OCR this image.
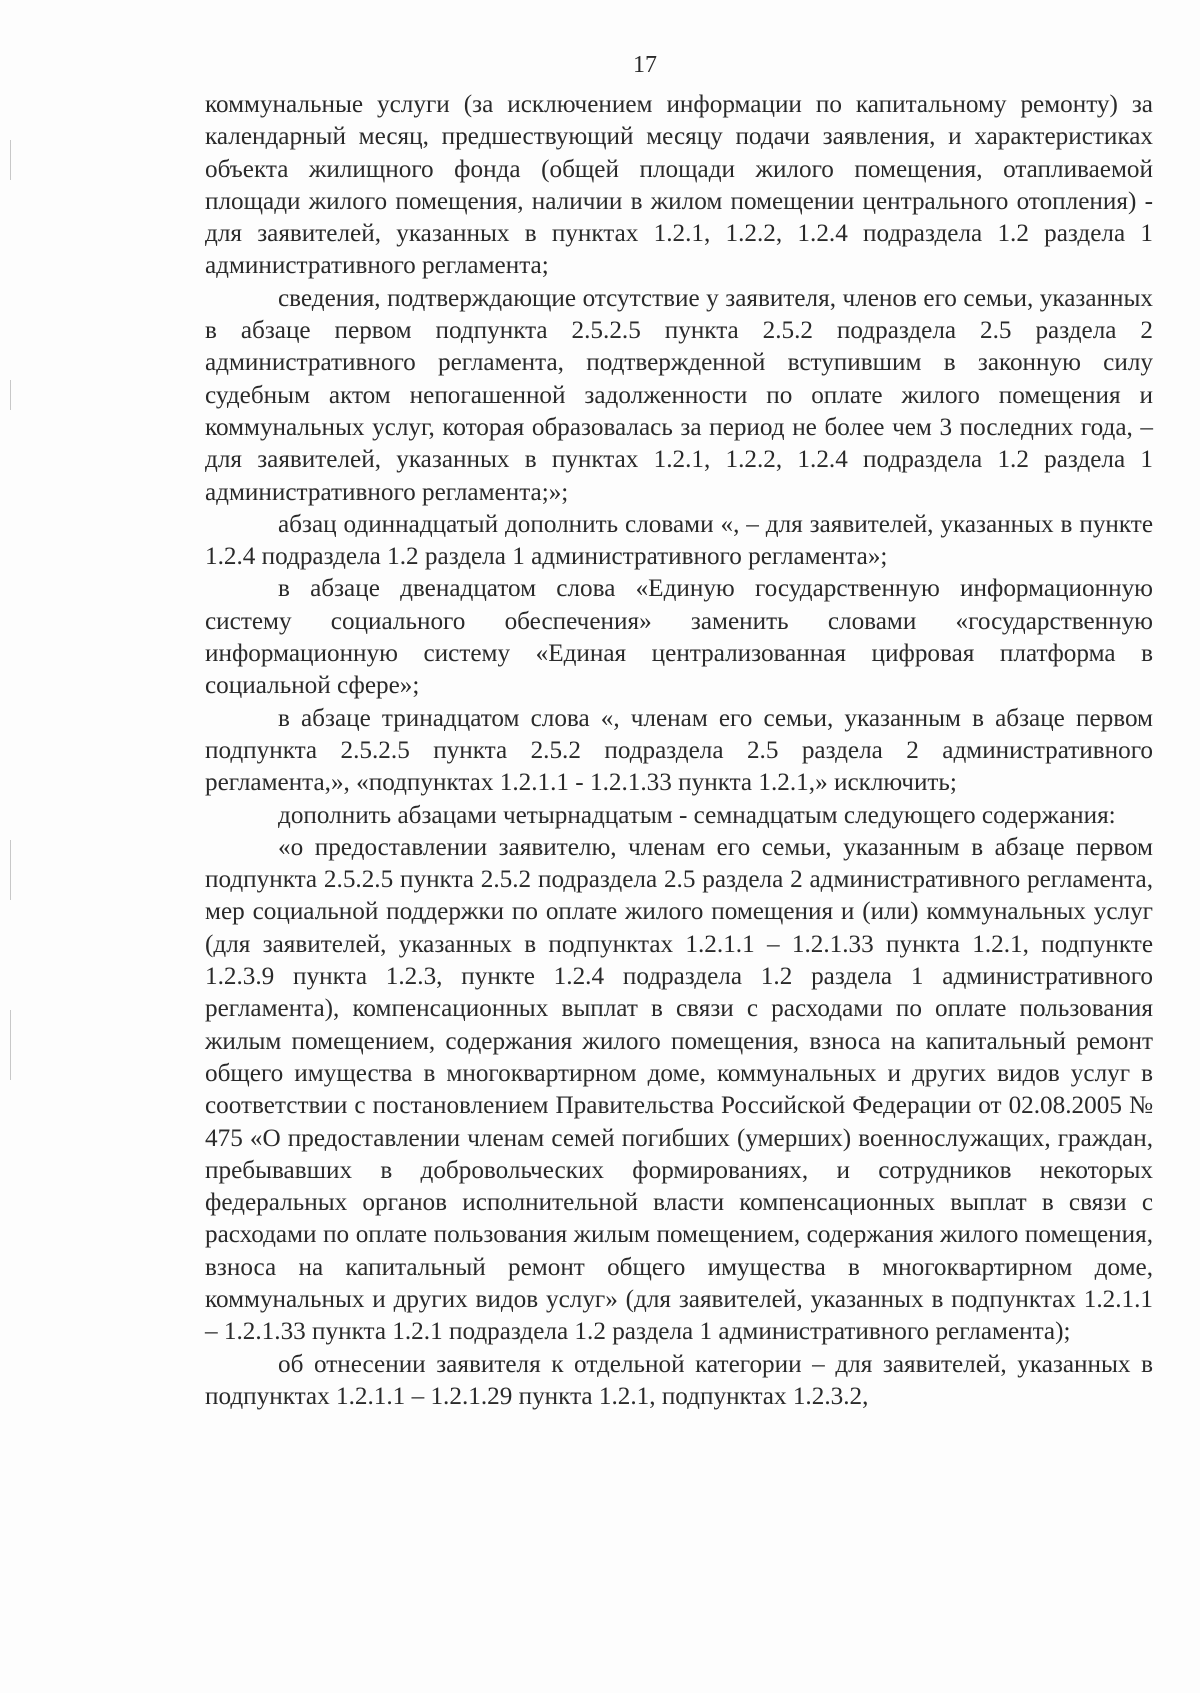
17

коммунальные услуги (за исключением информации по капитальному ремонту) за календарный месяц, предшествующий месяцу подачи заявления, и характеристиках объекта жилищного фонда (общей площади жилого помещения, отапливаемой площади жилого помещения, наличии в жилом помещении центрального отопления) - для заявителей, указанных в пунктах 1.2.1, 1.2.2, 1.2.4 подраздела 1.2 раздела 1 административного регламента;

сведения, подтверждающие отсутствие у заявителя, членов его семьи, указанных в абзаце первом подпункта 2.5.2.5 пункта 2.5.2 подраздела 2.5 раздела 2 административного регламента, подтвержденной вступившим в законную силу судебным актом непогашенной задолженности по оплате жилого помещения и коммунальных услуг, которая образовалась за период не более чем 3 последних года, – для заявителей, указанных в пунктах 1.2.1, 1.2.2, 1.2.4 подраздела 1.2 раздела 1 административного регламента;»;

абзац одиннадцатый дополнить словами «, – для заявителей, указанных в пункте 1.2.4 подраздела 1.2 раздела 1 административного регламента»;

в абзаце двенадцатом слова «Единую государственную информационную систему социального обеспечения» заменить словами «государственную информационную систему «Единая централизованная цифровая платформа в социальной сфере»;

в абзаце тринадцатом слова «, членам его семьи, указанным в абзаце первом подпункта 2.5.2.5 пункта 2.5.2 подраздела 2.5 раздела 2 административного регламента,», «подпунктах 1.2.1.1 - 1.2.1.33 пункта 1.2.1,» исключить;

дополнить абзацами четырнадцатым - семнадцатым следующего содержания:

«о предоставлении заявителю, членам его семьи, указанным в абзаце первом подпункта 2.5.2.5 пункта 2.5.2 подраздела 2.5 раздела 2 административного регламента, мер социальной поддержки по оплате жилого помещения и (или) коммунальных услуг (для заявителей, указанных в подпунктах 1.2.1.1 – 1.2.1.33 пункта 1.2.1, подпункте 1.2.3.9 пункта 1.2.3, пункте 1.2.4 подраздела 1.2 раздела 1 административного регламента), компенсационных выплат в связи с расходами по оплате пользования жилым помещением, содержания жилого помещения, взноса на капитальный ремонт общего имущества в многоквартирном доме, коммунальных и других видов услуг в соответствии с постановлением Правительства Российской Федерации от 02.08.2005 № 475 «О предоставлении членам семей погибших (умерших) военнослужащих, граждан, пребывавших в добровольческих формированиях, и сотрудников некоторых федеральных органов исполнительной власти компенсационных выплат в связи с расходами по оплате пользования жилым помещением, содержания жилого помещения, взноса на капитальный ремонт общего имущества в многоквартирном доме, коммунальных и других видов услуг» (для заявителей, указанных в подпунктах 1.2.1.1 – 1.2.1.33 пункта 1.2.1 подраздела 1.2 раздела 1 административного регламента);

об отнесении заявителя к отдельной категории – для заявителей, указанных в подпунктах 1.2.1.1 – 1.2.1.29 пункта 1.2.1, подпунктах 1.2.3.2,
